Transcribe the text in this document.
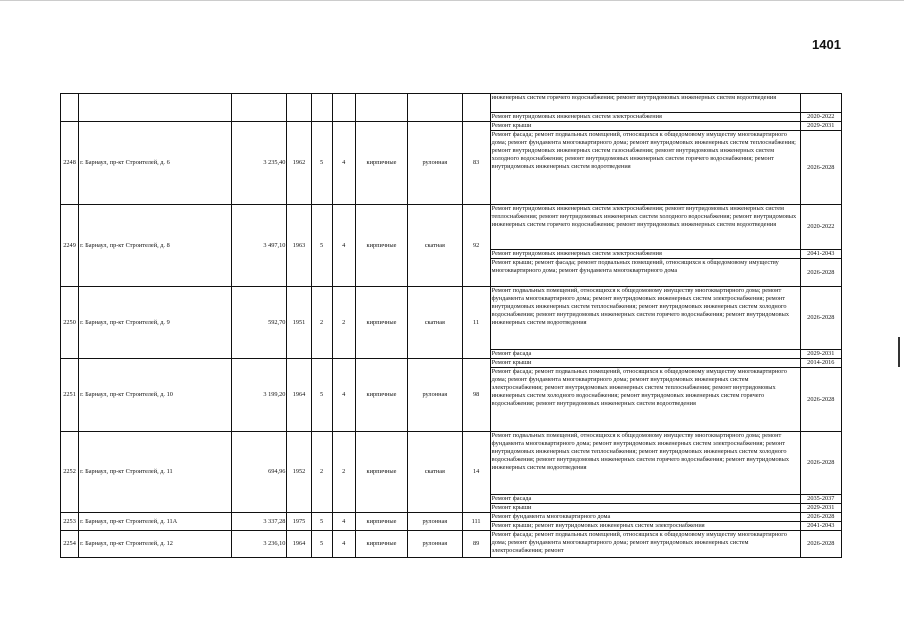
1401
									инженерных систем горячего водоснабжения; ремонт внутридомовых инженерных систем водоотведения	
									Ремонт внутридомовых инженерных систем электроснабжения	2020-2022
2248	г. Барнаул, пр-кт Строителей, д. 6	3 235,40	1962	5	4	кирпичные	рулонная	83	Ремонт крыши	2029-2031
									Ремонт фасада; ремонт подвальных помещений, относящихся к общедомовому имуществу многоквартирного дома; ремонт фундамента многоквартирного дома; ремонт внутридомовых инженерных систем теплоснабжения; ремонт внутридомовых инженерных систем газоснабжения; ремонт внутридомовых инженерных систем холодного водоснабжения; ремонт внутридомовых инженерных систем горячего водоснабжения; ремонт внутридомовых инженерных систем водоотведения	2026-2028
2249	г. Барнаул, пр-кт Строителей, д. 8	3 497,10	1963	5	4	кирпичные	скатная	92	Ремонт внутридомовых инженерных систем электроснабжения; ремонт внутридомовых инженерных систем теплоснабжения; ремонт внутридомовых инженерных систем холодного водоснабжения; ремонт внутридомовых инженерных систем горячего водоснабжения; ремонт внутридомовых инженерных систем водоотведения	2020-2022
									Ремонт внутридомовых инженерных систем электроснабжения	2041-2043
									Ремонт крыши; ремонт фасада; ремонт подвальных помещений, относящихся к общедомовому имуществу многоквартирного дома; ремонт фундамента многоквартирного дома	2026-2028
2250	г. Барнаул, пр-кт Строителей, д. 9	592,70	1951	2	2	кирпичные	скатная	11	Ремонт подвальных помещений, относящихся к общедомовому имуществу многоквартирного дома; ремонт фундамента многоквартирного дома; ремонт внутридомовых инженерных систем электроснабжения; ремонт внутридомовых инженерных систем теплоснабжения; ремонт внутридомовых инженерных систем холодного водоснабжения; ремонт внутридомовых инженерных систем горячего водоснабжения; ремонт внутридомовых инженерных систем водоотведения	2026-2028
									Ремонт фасада	2029-2031
2251	г. Барнаул, пр-кт Строителей, д. 10	3 199,20	1964	5	4	кирпичные	рулонная	98	Ремонт крыши	2014-2016
									Ремонт фасада; ремонт подвальных помещений, относящихся к общедомовому имуществу многоквартирного дома; ремонт фундамента многоквартирного дома; ремонт внутридомовых инженерных систем электроснабжения; ремонт внутридомовых инженерных систем теплоснабжения; ремонт внутридомовых инженерных систем холодного водоснабжения; ремонт внутридомовых инженерных систем горячего водоснабжения; ремонт внутридомовых инженерных систем водоотведения	2026-2028
2252	г. Барнаул, пр-кт Строителей, д. 11	694,96	1952	2	2	кирпичные	скатная	14	Ремонт подвальных помещений, относящихся к общедомовому имуществу многоквартирного дома; ремонт фундамента многоквартирного дома; ремонт внутридомовых инженерных систем электроснабжения; ремонт внутридомовых инженерных систем теплоснабжения; ремонт внутридомовых инженерных систем холодного водоснабжения; ремонт внутридомовых инженерных систем горячего водоснабжения; ремонт внутридомовых инженерных систем водоотведения	2026-2028
									Ремонт фасада	2035-2037
									Ремонт крыши	2029-2031
2253	г. Барнаул, пр-кт Строителей, д. 11А	3 337,28	1975	5	4	кирпичные	рулонная	111	Ремонт фундамента многоквартирного дома	2026-2028
									Ремонт крыши; ремонт внутридомовых инженерных систем электроснабжения	2041-2043
2254	г. Барнаул, пр-кт Строителей, д. 12	3 236,10	1964	5	4	кирпичные	рулонная	89	Ремонт фасада; ремонт подвальных помещений, относящихся к общедомовому имуществу многоквартирного дома; ремонт фундамента многоквартирного дома; ремонт внутридомовых инженерных систем электроснабжения; ремонт	2026-2028
